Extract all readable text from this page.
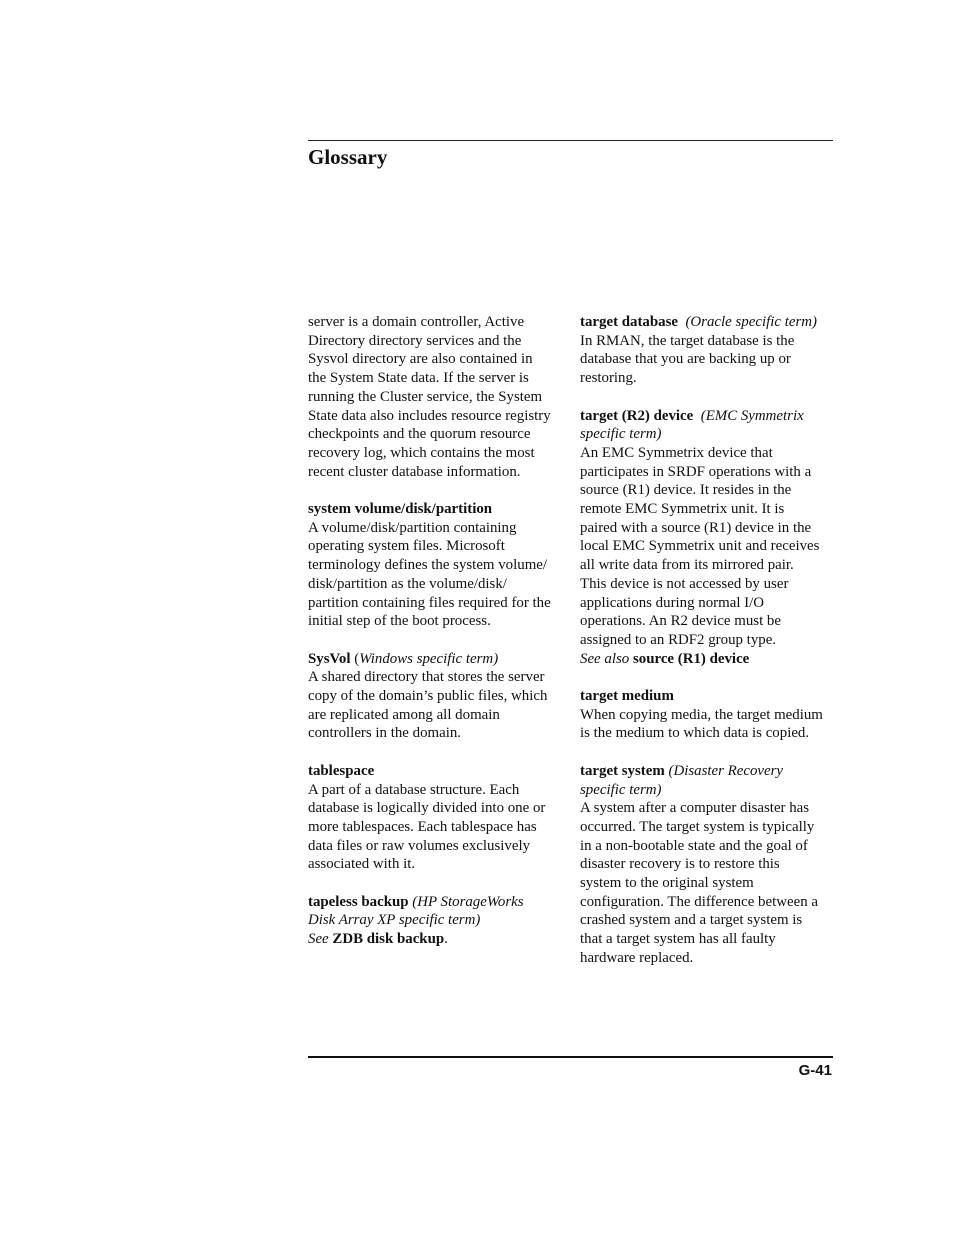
Glossary
server is a domain controller, Active
Directory directory services and the
Sysvol directory are also contained in
the System State data. If the server is
running the Cluster service, the System
State data also includes resource registry
checkpoints and the quorum resource
recovery log, which contains the most
recent cluster database information.
system volume/disk/partition
A volume/disk/partition containing
operating system files. Microsoft
terminology defines the system volume/
disk/partition as the volume/disk/
partition containing files required for the
initial step of the boot process.
SysVol (Windows specific term)
A shared directory that stores the server
copy of the domain’s public files, which
are replicated among all domain
controllers in the domain.
tablespace
A part of a database structure. Each
database is logically divided into one or
more tablespaces. Each tablespace has
data files or raw volumes exclusively
associated with it.
tapeless backup (HP StorageWorks
Disk Array XP specific term)
See ZDB disk backup.
target database (Oracle specific term)
In RMAN, the target database is the
database that you are backing up or
restoring.
target (R2) device (EMC Symmetrix
specific term)
An EMC Symmetrix device that
participates in SRDF operations with a
source (R1) device. It resides in the
remote EMC Symmetrix unit. It is
paired with a source (R1) device in the
local EMC Symmetrix unit and receives
all write data from its mirrored pair.
This device is not accessed by user
applications during normal I/O
operations. An R2 device must be
assigned to an RDF2 group type.
See also source (R1) device
target medium
When copying media, the target medium
is the medium to which data is copied.
target system (Disaster Recovery
specific term)
A system after a computer disaster has
occurred. The target system is typically
in a non-bootable state and the goal of
disaster recovery is to restore this
system to the original system
configuration. The difference between a
crashed system and a target system is
that a target system has all faulty
hardware replaced.
G-41
